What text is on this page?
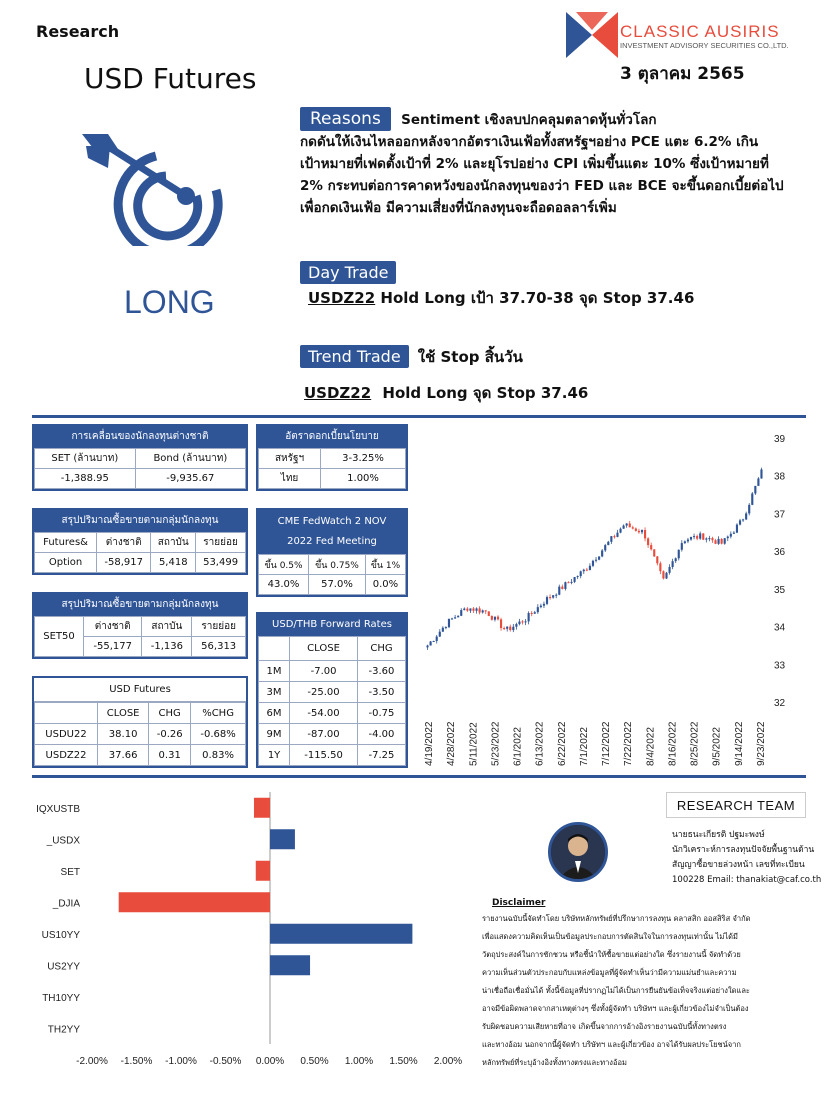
Research
USD Futures
CLASSIC AUSIRIS
INVESTMENT ADVISORY SECURITIES CO.,LTD.
3 ตุลาคม 2565
LONG
Reasons Sentiment เชิงลบปกคลุมตลาดหุ้นทั่วโลก
กดดันให้เงินไหลออกหลังจากอัตราเงินเฟ้อทั้งสหรัฐฯอย่าง PCE แตะ 6.2% เกิน
เป้าหมายที่เฟดตั้งเป้าที่ 2% และยุโรปอย่าง CPI เพิ่มขึ้นแตะ 10% ซึ่งเป้าหมายที่
2% กระทบต่อการคาดหวังของนักลงทุนของว่า FED และ BCE จะขึ้นดอกเบี้ยต่อไป
เพื่อกดเงินเฟ้อ มีความเสี่ยงที่นักลงทุนจะถือดอลลาร์เพิ่ม
Day Trade
USDZ22 Hold Long เป้า 37.70-38 จุด Stop 37.46
Trend Trade ใช้ Stop สิ้นวัน
USDZ22 Hold Long จุด Stop 37.46
การเคลื่อนของนักลงทุนต่างชาติ
SET (ล้านบาท)	Bond (ล้านบาท)
-1,388.95	-9,935.67
อัตราดอกเบี้ยนโยบาย
สหรัฐฯ	3-3.25%
ไทย	1.00%
สรุปปริมาณซื้อขายตามกลุ่มนักลงทุน
Futures&	ต่างชาติ	สถาบัน	รายย่อย
Option	-58,917	5,418	53,499
CME FedWatch 2 NOV
2022 Fed Meeting
ขึ้น 0.5%	ขึ้น 0.75%	ขึ้น 1%
43.0%	57.0%	0.0%
สรุปปริมาณซื้อขายตามกลุ่มนักลงทุน
SET50	ต่างชาติ	สถาบัน	รายย่อย
	-55,177	-1,136	56,313
USD/THB Forward Rates
	CLOSE	CHG
1M	-7.00	-3.60
3M	-25.00	-3.50
6M	-54.00	-0.75
9M	-87.00	-4.00
1Y	-115.50	-7.25
USD Futures
	CLOSE	CHG	%CHG
USDU22	38.10	-0.26	-0.68%
USDZ22	37.66	0.31	0.83%
39
38
37
36
35
34
33
32
4/19/2022 4/28/2022 5/11/2022 5/23/2022 6/1/2022 6/13/2022 6/22/2022 7/1/2022 7/12/2022 7/22/2022 8/4/2022 8/16/2022 8/25/2022 9/5/2022 9/14/2022 9/23/2022
IQXUSTB
_USDX
SET
_DJIA
US10YY
US2YY
TH10YY
TH2YY
-2.00% -1.50% -1.00% -0.50% 0.00% 0.50% 1.00% 1.50% 2.00%
RESEARCH TEAM
นายธนะเกียรติ ปฐมะพงษ์
นักวิเคราะห์การลงทุนปัจจัยพื้นฐานด้าน
สัญญาซื้อขายล่วงหน้า เลขที่ทะเบียน
100228 Email: thanakiat@caf.co.th
Disclaimer
รายงานฉบับนี้จัดทำโดย บริษัทหลักทรัพย์ที่ปรึกษาการลงทุน คลาสสิก ออสสิริส จำกัด
เพื่อแสดงความคิดเห็นเป็นข้อมูลประกอบการตัดสินใจในการลงทุนเท่านั้น ไม่ได้มี
วัตถุประสงค์ในการชักชวน หรือชี้นำให้ซื้อขายแต่อย่างใด ซึ่งรายงานนี้ จัดทำด้วย
ความเห็นส่วนตัวประกอบกับแหล่งข้อมูลที่ผู้จัดทำเห็นว่ามีความแม่นยำและความ
น่าเชื่อถือเชื่อมั่นได้ ทั้งนี้ข้อมูลที่ปรากฏไม่ได้เป็นการยืนยันข้อเท็จจริงแต่อย่างใดและ
อาจมีข้อผิดพลาดจากสาเหตุต่างๆ ซึ่งทั้งผู้จัดทำ บริษัทฯ และผู้เกี่ยวข้องไม่จำเป็นต้อง
รับผิดชอบความเสียหายที่อาจ เกิดขึ้นจากการอ้างอิงรายงานฉบับนี้ทั้งทางตรง
และทางอ้อม นอกจากนี้ผู้จัดทำ บริษัทฯ และผู้เกี่ยวข้อง อาจได้รับผลประโยชน์จาก
หลักทรัพย์ที่ระบุอ้างอิงทั้งทางตรงและทางอ้อม
